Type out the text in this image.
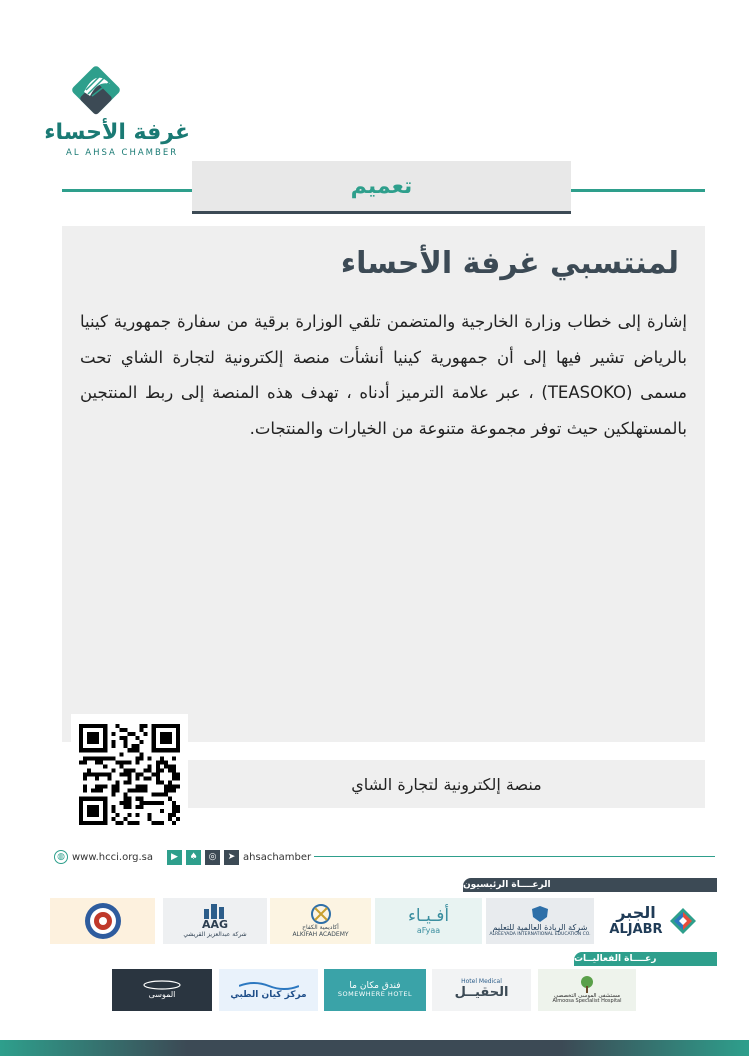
غرفة الأحساء
AL AHSA CHAMBER
تعميم
لمنتسبي غرفة الأحساء
إشارة إلى خطاب وزارة الخارجية والمتضمن تلقي الوزارة برقية من سفارة جمهورية كينيا بالرياض تشير فيها إلى أن جمهورية كينيا أنشأت منصة إلكترونية لتجارة الشاي تحت مسمى (TEASOKO) ، عبر علامة الترميز أدناه ، تهدف هذه المنصة إلى ربط المنتجين بالمستهلكين حيث توفر مجموعة متنوعة من الخيارات والمنتجات.
منصة إلكترونية لتجارة الشاي
◍ www.hcci.org.sa	▶	♠	◎	➤ ahsachamber
الرعــــاة الرئيسيون
الجبر
ALJABR
شركة الريادة العالمية للتعليم
ALREEYADA INTERNATIONAL EDUCATION CO.
أفـيـاء
aFyaa
أكاديمية الكفاح
ALKIFAH ACADEMY
AAG
شركة عبدالعزيز القريشي
رعــــاة الفعاليــات
مستشفى الموسى التخصصي
Almoosa Specialist Hospital
Hotel Medical
الحقيــل
فندق مكان ما
SOMEWHERE HOTEL
مركز كيان الطبي
الموسى
